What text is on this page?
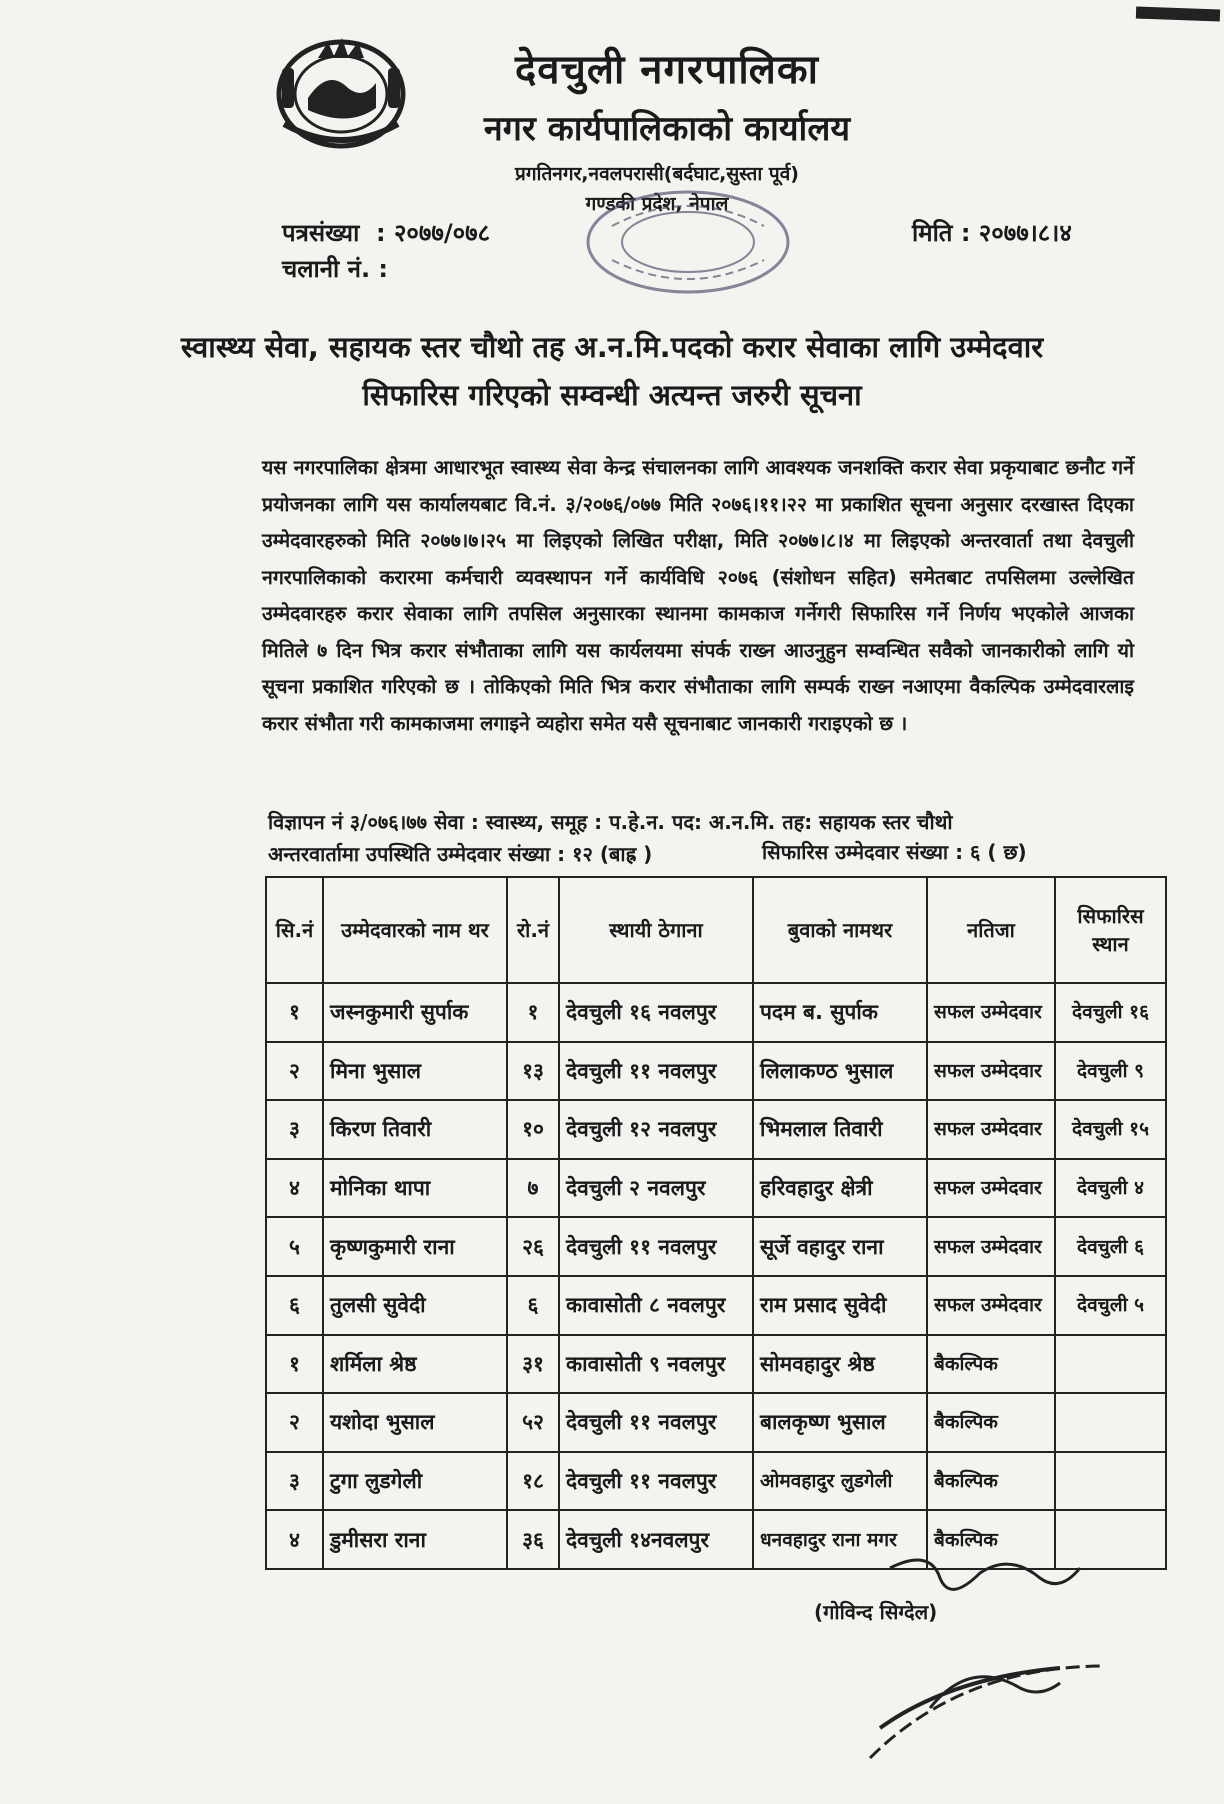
देवचुली नगरपालिका
नगर कार्यपालिकाको कार्यालय
प्रगतिनगर,नवलपरासी(बर्दघाट,सुस्ता पूर्व)
गण्डकी प्रदेश, नेपाल
पत्रसंख्या : २०७७/०७८
चलानी नं. :
मिति : २०७७।८।४
स्वास्थ्य सेवा, सहायक स्तर चौथो तह अ.न.मि.पदको करार सेवाका लागि उम्मेदवार
सिफारिस गरिएको सम्वन्धी अत्यन्त जरुरी सूचना
यस नगरपालिका क्षेत्रमा आधारभूत स्वास्थ्य सेवा केन्द्र संचालनका लागि आवश्यक जनशक्ति करार सेवा प्रकृयाबाट छनौट गर्ने प्रयोजनका लागि यस कार्यालयबाट वि.नं. ३/२०७६/०७७ मिति २०७६।११।२२ मा प्रकाशित सूचना अनुसार दरखास्त दिएका उम्मेदवारहरुको मिति २०७७।७।२५ मा लिइएको लिखित परीक्षा, मिति २०७७।८।४ मा लिइएको अन्तरवार्ता तथा देवचुली नगरपालिकाको करारमा कर्मचारी व्यवस्थापन गर्ने कार्यविधि २०७६ (संशोधन सहित) समेतबाट तपसिलमा उल्लेखित उम्मेदवारहरु करार सेवाका लागि तपसिल अनुसारका स्थानमा कामकाज गर्नेगरी सिफारिस गर्ने निर्णय भएकोले आजका मितिले ७ दिन भित्र करार संभौताका लागि यस कार्यलयमा संपर्क राख्न आउनुहुन सम्वन्धित सवैको जानकारीको लागि यो सूचना प्रकाशित गरिएको छ । तोकिएको मिति भित्र करार संभौताका लागि सम्पर्क राख्न नआएमा वैकल्पिक उम्मेदवारलाइ करार संभौता गरी कामकाजमा लगाइने व्यहोरा समेत यसै सूचनाबाट जानकारी गराइएको छ ।
विज्ञापन नं ३/०७६।७७ सेवा : स्वास्थ्य, समूह : प.हे.न. पद: अ.न.मि. तह: सहायक स्तर चौथो
अन्तरवार्तामा उपस्थिति उम्मेदवार संख्या : १२ (बाह्र )	सिफारिस उम्मेदवार संख्या : ६ ( छ)
सि.नं	उम्मेदवारको नाम थर	रो.नं	स्थायी ठेगाना	बुवाको नामथर	नतिजा	सिफारिस स्थान
१	जस्नकुमारी सुर्पाक	१	देवचुली १६ नवलपुर	पदम ब. सुर्पाक	सफल उम्मेदवार	देवचुली १६
२	मिना भुसाल	१३	देवचुली ११ नवलपुर	लिलाकण्ठ भुसाल	सफल उम्मेदवार	देवचुली ९
३	किरण तिवारी	१०	देवचुली १२ नवलपुर	भिमलाल तिवारी	सफल उम्मेदवार	देवचुली १५
४	मोनिका थापा	७	देवचुली २ नवलपुर	हरिवहादुर क्षेत्री	सफल उम्मेदवार	देवचुली ४
५	कृष्णकुमारी राना	२६	देवचुली ११ नवलपुर	सूर्जे वहादुर राना	सफल उम्मेदवार	देवचुली ६
६	तुलसी सुवेदी	६	कावासोती ८ नवलपुर	राम प्रसाद सुवेदी	सफल उम्मेदवार	देवचुली ५
१	शर्मिला श्रेष्ठ	३१	कावासोती ९ नवलपुर	सोमवहादुर श्रेष्ठ	बैकल्पिक	
२	यशोदा भुसाल	५२	देवचुली ११ नवलपुर	बालकृष्ण भुसाल	बैकल्पिक	
३	टुगा लुडगेली	१८	देवचुली ११ नवलपुर	ओमवहादुर लुडगेली	बैकल्पिक	
४	डुमीसरा राना	३६	देवचुली १४नवलपुर	धनवहादुर राना मगर	बैकल्पिक	
(गोविन्द सिग्देल)
